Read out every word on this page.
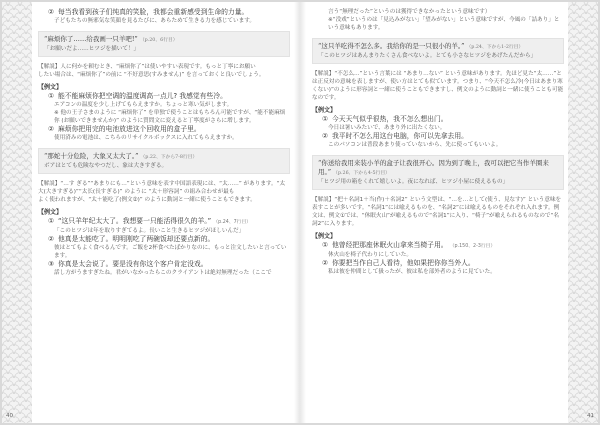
② 每当我看到孩子们纯真的笑脸，我都会重新感受到生命的力量。
子どもたちの無邪気な笑顔を見るたびに、あらためて生きる力を感じています。
“麻烦你了……给我画一只羊吧!” （p.20、6行目）
「お願いだよ……ヒツジを描いて！」
【解説】人に何かを頼むとき、“麻烦你了”は使いやすい表現です。もっと丁寧にお願い
したい場合は、“麻烦你了”の前に “不好意思(すみません)” を言っておくと良いでしょう。
【例文】
① 能不能麻烦你把空调的温度调高一点儿? 我感觉有些冷。
エアコンの温度を少し上げてもらえますか。ちょっと寒い気がします。
※ 他の王子さまのように “麻烦你了” を単独で使うことはもちろん可能ですが、“能不能麻烦
你 (お願いできませんか)” のように質問文に変えると丁寧度がさらに増します。
② 麻烦你把用完的电池放进这个回收用的盒子里。
使用済みの電池は、こちらのリサイクルボックスに入れてもらえますか。
“那蛇十分危险，大象又太大了。” （p.22、下から7-8行目）
ボアはとても危険なやつだし、象は大きすぎる。
【解説】“…す ぎる”“あまりにも…”という意味を表す中国語表現には、“太……” があります。“太大(大きすぎる)”“太长(長すぎる)” のように “太＋形容詞” の組み合わせが最も
よく使われますが、“太＋能吃了(例文②)” のように動詞と一緒に使うこともできます。
【例文】
① “这只羊年纪太大了。我想要一只能活得很久的羊。” （p.24、7行目）
「このヒツジは年を取りすぎてるよ。長いこと生きるヒツジがほしいんだ」
② 他真是太能吃了。明明刚吃了两碗饭却还要点新的。
彼はとてもよく食べるんです。ご飯を2杯食べたばかりなのに、もっと注文したいと言っています。
③ 你真是太会说了。要是没有你这个客户肯定没戏。
話し方がうますぎたね。君がいなかったらこのクライアントは絶対無理だった（ここで
40
言う“無理だった”というのは獲得できなかったという意味です）
※“没戏”というのは「見込みがない」「望みがない」という意味ですが、今風の「詰あり」という意味もあります。
“这只羊吃得不怎么多。我给你的是一只很小的羊。” （p.24、下から1-2行目）
「このヒツジはあんまりたくさん食べないよ。とても小さなヒツジをあげたんだから」
【解説】“不怎么…”という言葉には “あまり…ない” という意味があります。先ほど見た“太……”とは正反対の意味を表しますが、使い方はとても似ています。つまり、“今天不怎么冷(今日はあまり寒くない)”のように形容詞と一緒に使うこともできますし、例文のように動詞と一緒に使うことも可能なのです。
【例文】
① 今天天气似乎很热，我不怎么想出门。
今日は暑いみたいで、あまり外に出たくない。
② 我平时不怎么用这台电脑，你可以先拿去用。
このパソコンは普段あまり使っていないから、先に使ってもいいよ。
“你送给我用来装小羊的盒子让我很开心。因为到了晚上，我可以把它当作羊圈来用。” （p.26、下から4-5行目）
「ヒツジ用の箱をくれて嬉しいよ。夜になれば、ヒツジ小屋に使えるもの」
【解説】“把＋名詞1＋当(作)＋名詞2” という文型は、“…を…として(使う、見なす)” という意味を表すことが多いです。“名詞1”には喩えるものを、“名詞2”には喩えるものをそれぞれ入れます。例文は、例文①では、“休眠火山”が喩えるもので“名詞1”に入り、“椅子”が喩えられるものなので“名詞2”に入ります。
【例文】
① 他曾经把那座休眠火山拿来当椅子用。 （p.150、2-3行目）
休火山を椅子代わりにしていた。
② 你要把当作自己人看待，他如果把你你当外人。
私は彼を仲間として扱ったが、彼は私を部外者のように見ていた。
41
